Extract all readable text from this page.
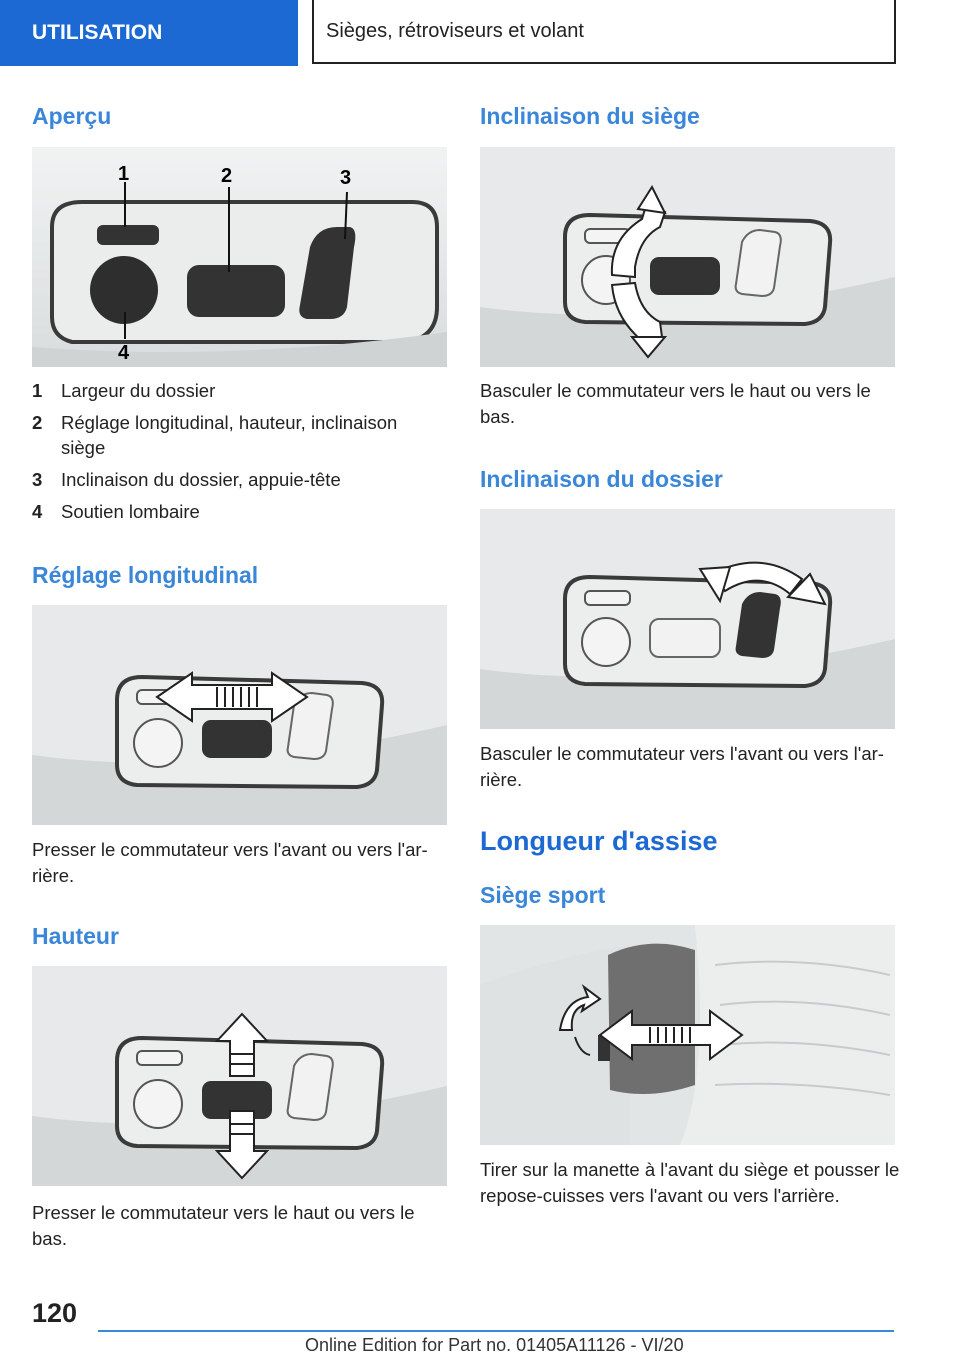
UTILISATION	Sièges, rétroviseurs et volant
Aperçu
1	2	3
4
1	Largeur du dossier
2	Réglage longitudinal, hauteur, inclinaison siège
3	Inclinaison du dossier, appuie-tête
4	Soutien lombaire
Réglage longitudinal
Presser le commutateur vers l'avant ou vers l'arrière.
Hauteur
Presser le commutateur vers le haut ou vers le bas.
Inclinaison du siège
Basculer le commutateur vers le haut ou vers le bas.
Inclinaison du dossier
Basculer le commutateur vers l'avant ou vers l'arrière.
Longueur d'assise
Siège sport
Tirer sur la manette à l'avant du siège et pousser le repose-cuisses vers l'avant ou vers l'arrière.
120
Online Edition for Part no. 01405A11126 - VI/20
